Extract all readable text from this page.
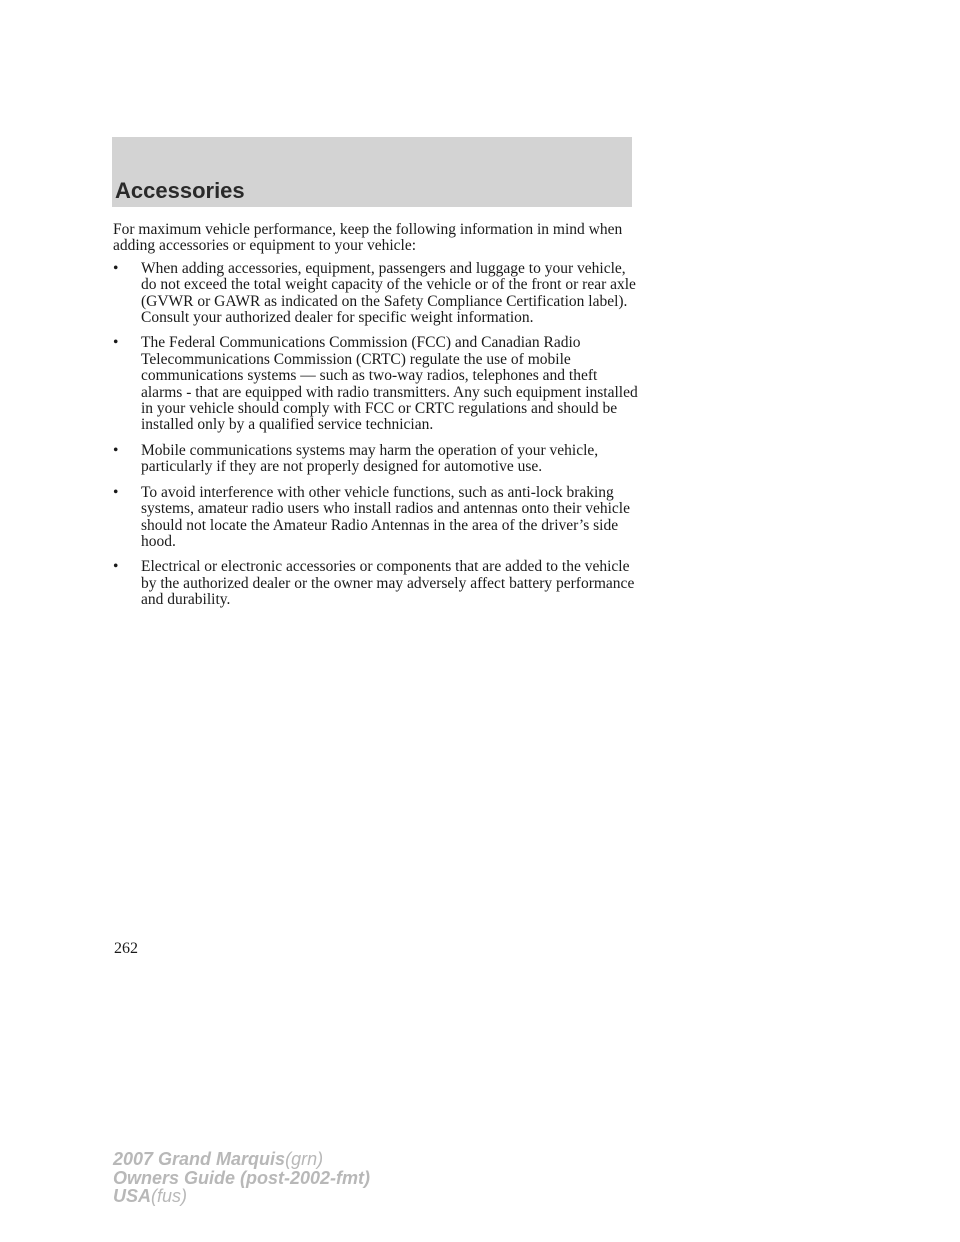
Accessories

For maximum vehicle performance, keep the following information in mind when adding accessories or equipment to your vehicle:

•	When adding accessories, equipment, passengers and luggage to your vehicle, do not exceed the total weight capacity of the vehicle or of the front or rear axle (GVWR or GAWR as indicated on the Safety Compliance Certification label). Consult your authorized dealer for specific weight information.
•	The Federal Communications Commission (FCC) and Canadian Radio Telecommunications Commission (CRTC) regulate the use of mobile communications systems — such as two-way radios, telephones and theft alarms - that are equipped with radio transmitters. Any such equipment installed in your vehicle should comply with FCC or CRTC regulations and should be installed only by a qualified service technician.
•	Mobile communications systems may harm the operation of your vehicle, particularly if they are not properly designed for automotive use.
•	To avoid interference with other vehicle functions, such as anti-lock braking systems, amateur radio users who install radios and antennas onto their vehicle should not locate the Amateur Radio Antennas in the area of the driver’s side hood.
•	Electrical or electronic accessories or components that are added to the vehicle by the authorized dealer or the owner may adversely affect battery performance and durability.
262
2007 Grand Marquis(grn)
Owners Guide (post-2002-fmt)
USA(fus)
